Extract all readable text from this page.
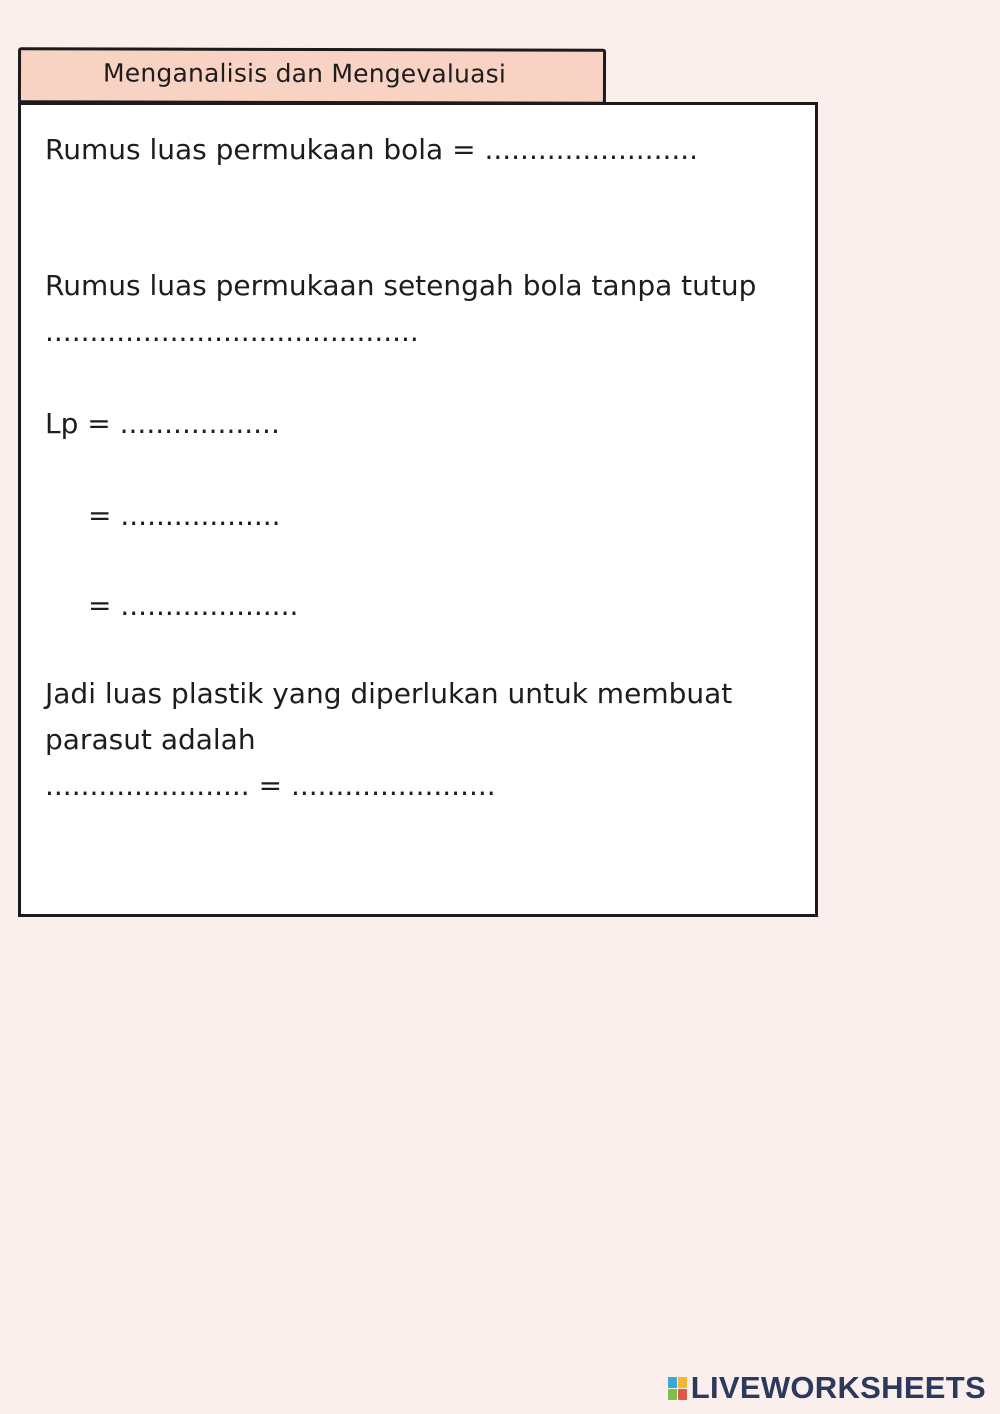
Menganalisis dan Mengevaluasi
Rumus luas permukaan bola = ........................
Rumus luas permukaan setengah bola tanpa tutup
..........................................
Lp = ..................
= ..................
= ....................
Jadi luas plastik yang diperlukan untuk membuat
parasut adalah
....................... = .......................
LIVEWORKSHEETS
